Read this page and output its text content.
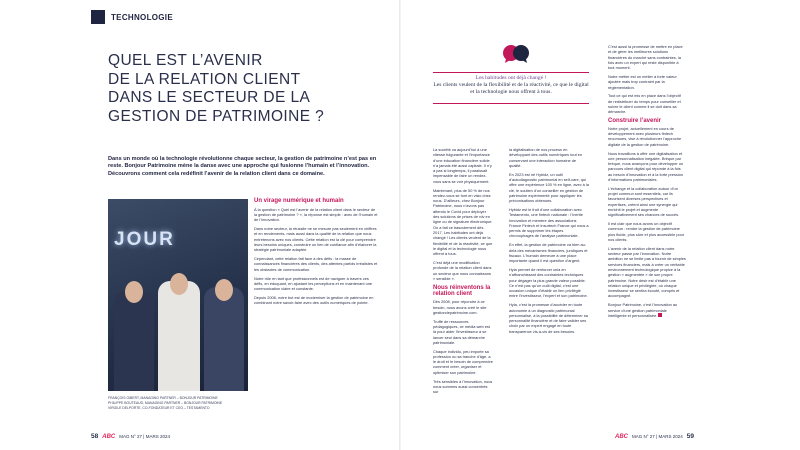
TECHNOLOGIE
QUEL EST L’AVENIR
DE LA RELATION CLIENT
DANS LE SECTEUR DE LA
GESTION DE PATRIMOINE ?

Dans un monde où la technologie révolutionne chaque secteur, la gestion de patrimoine n’est pas en reste. Bonjour Patrimoine mène la danse avec une approche qui fusionne l’humain et l’innovation. Découvrons comment cela redéfinit l’avenir de la relation client dans ce domaine.

JOUR
FRANÇOIS GIBERT, MANAGING PARTNER – BONJOUR PATRIMOINE
PHILIPPE BOUTEAUD, MANAGING PARTNER – BONJOUR PATRIMOINE
VIRGILE DELPORTE, CO-FONDATEUR ET CEO – TESTAMENTO
Un virage numérique et humain

À la question « Quel est l’avenir de la relation client dans le secteur de la gestion de patrimoine ? », la réponse est simple : avec de l’humain et de l’innovation.

Dans notre secteur, la réussite ne se mesure pas seulement en chiffres et en rendements, mais aussi dans la qualité de la relation que nous entretenons avec nos clients. Cette relation est la clé pour comprendre leurs besoins uniques, construire un lien de confiance afin d’élaborer la stratégie patrimoniale adaptée.

Cependant, cette relation fait face à des défis : la masse de connaissances financières des clients, des attentes parfois irréalistes et les obstacles de communication.

Notre rôle en tant que professionnels est de naviguer à travers ces défis, en éduquant, en ajustant les perceptions et en maintenant une communication claire et constante.

Depuis 2008, notre but est de moderniser la gestion de patrimoine en combinant notre savoir-faire avec des outils numériques de pointe.

58 ABC MAG N° 27 | MARS 2024
Les habitudes ont déjà changé !
Les clients veulent de la flexibilité et de la réactivité, ce que le digital et la technologie nous offrent à tous.

La société va aujourd’hui à une vitesse fulgurante et l’importance d’une éducation financière solide n’a jamais été aussi capitale. Il n’y a pas si longtemps, il paraissait impensable de faire un rendez-vous sans se voir physiquement.

Maintenant, plus de 50 % de nos rendez-vous se font en visio chez nous. D’ailleurs, chez Bonjour Patrimoine, nous n’avons pas attendu le Covid pour déployer des solutions de prises de rdv en ligne ou de signature électronique. On a fait ce basculement dès 2017. Les habitudes ont déjà changé ! Les clients veulent de la flexibilité et de la réactivité, ce que le digital et la technologie nous offrent à tous.

C’est déjà une modification profonde de la relation client dans un secteur que nous connaissons « sensible ».

Nous réinventons la relation client

Dès 2008, pour répondre à ce besoin, nous avons créé le site gestiondepatrimoine.com.

Truffé de ressources pédagogiques, ce média web est là pour aider l’investisseur à se lancer seul dans sa démarche patrimoniale.

Chaque individu, peu importe sa profession ou sa tranche d’âge, a le droit et le besoin de comprendre comment créer, organiser et optimiser son patrimoine.

Très sensibles à l’innovation, nous nous sommes aussi concentrés sur

la digitalisation de nos process en développant des outils numériques tout en conservant une interaction humaine de qualité.

En 2023 est né Hybidz, un outil d’autodiagnostic patrimonial en self-care, qui offre une expérience 100 % en ligne, avec à la clé, le soutien d’un conseiller en gestion de patrimoine expérimenté pour appliquer les préconisations obtenues.

Hybidz est le fruit d’une collaboration avec Testamento, une fintech nationale : l’Inertie Innovation et membre des associations France Fintech et Insurtech France qui nous a permis de supprimer les étapes chronophages de l’analyse patrimoniale.

En effet, la gestion de patrimoine va bien au-delà des mécanismes financiers, juridiques et fiscaux. L’humain demeure à une place importante quand il est question d’argent.

Hyla permet de renforcer cela en s’affranchissant des contraintes techniques pour dégager la plus grande valeur possible. Ce n’est pas qu’un outil digital, c’est une occasion unique d’établir un lien privilégié entre l’investisseur, l’expert et son patrimoine.

Hyla, c’est la promesse d’accéder en toute autonomie à un diagnostic patrimonial personnalisé, à la possibilité de déterminer sa personnalité financière et de faire valider ses choix par un expert engagé en toute transparence vis-à-vis de ses besoins.

C’est aussi la promesse de mettre en place et de gérer les meilleures solutions financières du marché sans contraintes, la fois avec un expert qui reste disponible à tout moment.

Notre métier est un métier à forte valeur ajoutée mais trop contraint par la réglementation.

Tout ce qui est mis en place dans l’objectif de redistribuer du temps pour conseiller et suivre le client comme il se doit dans sa démarche.

Construire l’avenir

Notre projet, actuellement en cours de développement avec plusieurs fintech reconnues, vise à révolutionner l’approche digitale de la gestion de patrimoine.

Nous travaillons à offrir une digitalisation et une personnalisation inégalée. Bréque par bréque, nous avançons pour développer un parcours client digital qui réponde à la fois au besoin d’innovation et à la forte pression d’informations patrimoniales.

L’échange et la collaboration autour d’un projet commun sont essentiels, car ils favorisent diverses perspectives et expertises, créent ainsi une synergie qui enrichit le projet et augmente significativement ses chances de succès.

Il est clair que nous avons un objectif commun : rendre la gestion de patrimoine plus fluide, plus sûre et plus accessible pour nos clients.

L’avenir de la relation client dans notre secteur passe par l’innovation. Notre ambition ne se limite pas à fournir de simples services financiers, mais à créer un véritable environnement technologique propice à la gestion « augmentée » de son propre patrimoine. Notre désir est d’établir une relation unique et privilégiée, où chaque investisseur se sentira écouté, compris et accompagné.

Bonjour Patrimoine, c’est l’innovation au service d’une gestion patrimoniale intelligente et personnalisée.

ABC MAG N° 27 | MARS 2024 59
